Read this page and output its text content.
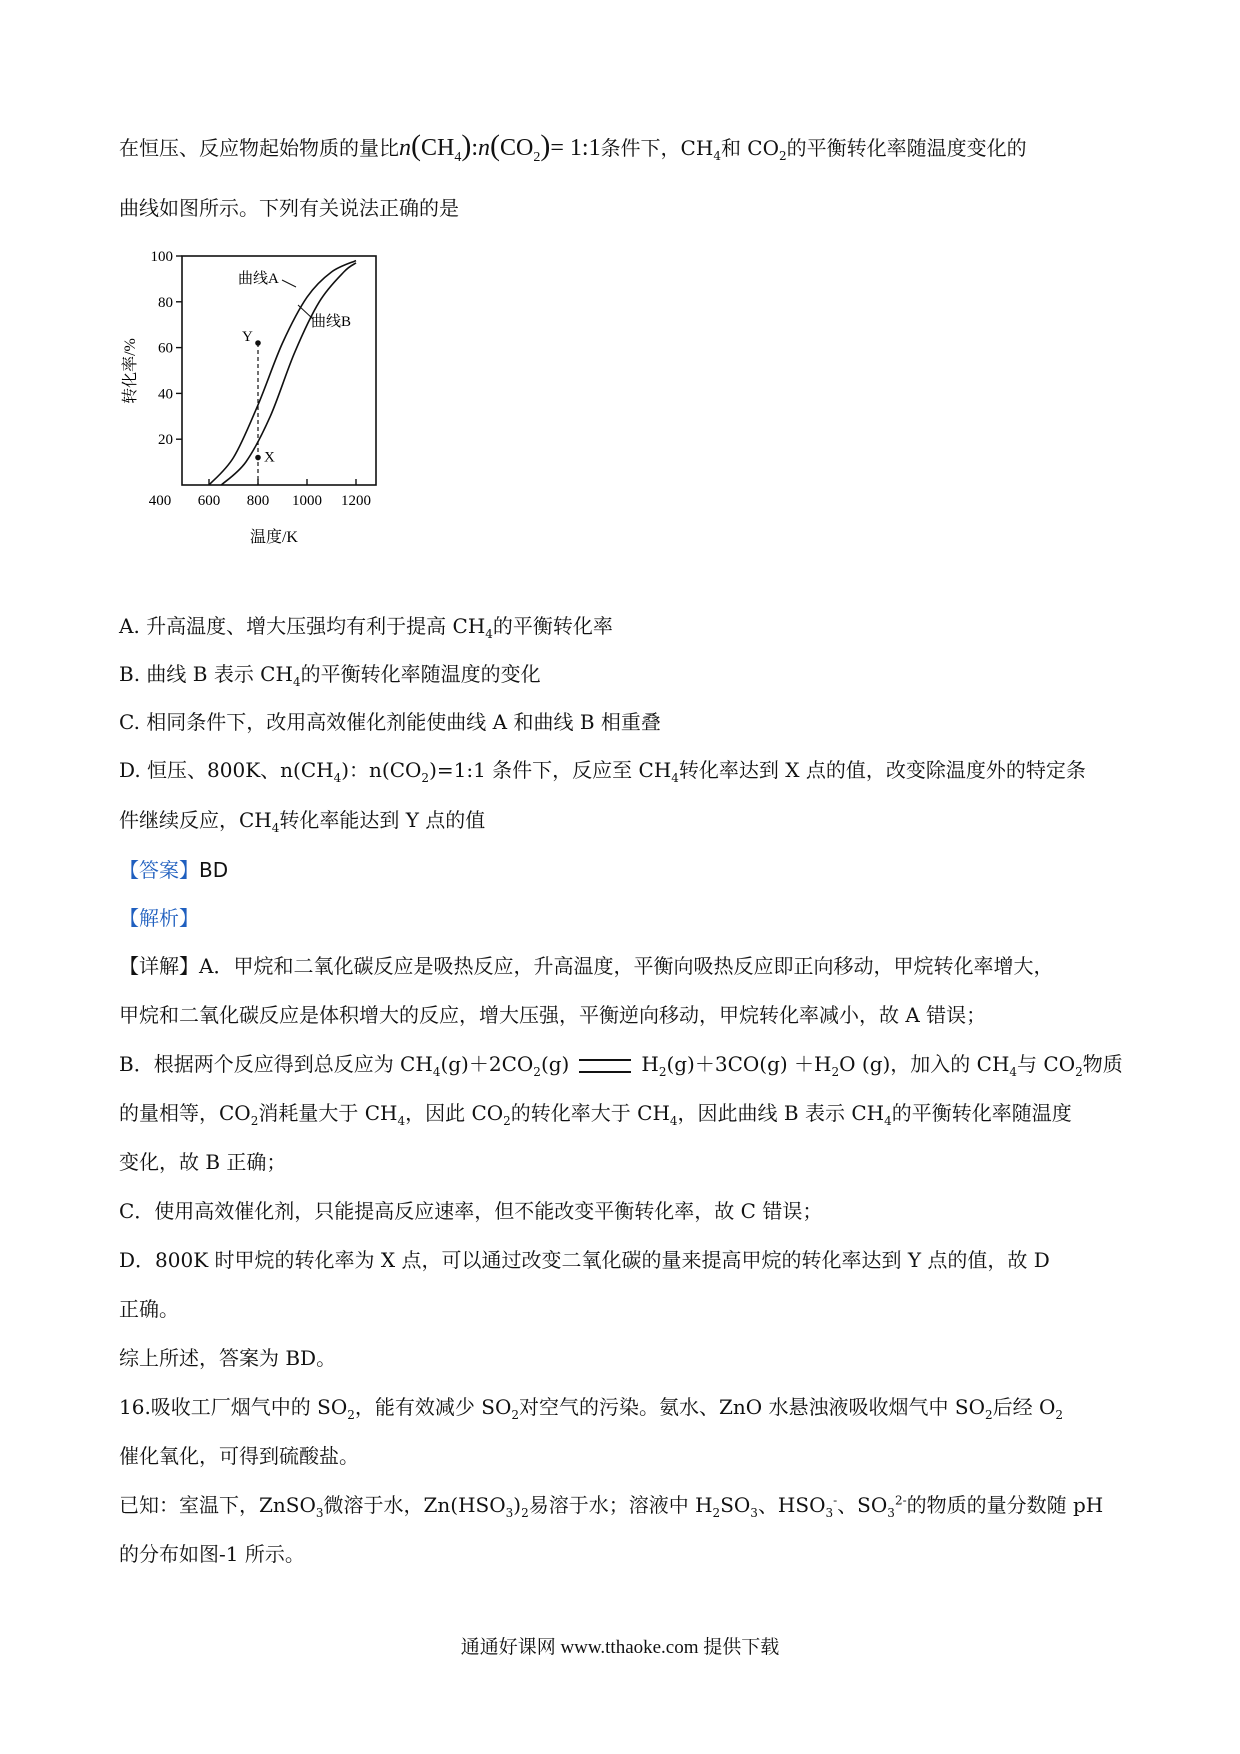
在恒压、反应物起始物质的量比$n(CH_4):n(CO_2)=$ 1:1条件下，$CH_4$和 $CO_2$的平衡转化率随温度变化的
曲线如图所示。下列有关说法正确的是
100
80
60
40
20
400 600 800 1000 1200
Y
X
曲线A
曲线B
转化率/%
温度/K
A. 升高温度、增大压强均有利于提高 $CH_4$的平衡转化率
B. 曲线 B 表示 $CH_4$的平衡转化率随温度的变化
C. 相同条件下，改用高效催化剂能使曲线 A 和曲线 B 相重叠
D. 恒压、800K、$n(CH_4)$：$n(CO_2)=1:1$ 条件下，反应至 $CH_4$转化率达到 X 点的值，改变除温度外的特定条
件继续反应，$CH_4$转化率能达到 Y 点的值
【答案】BD
【解析】
【详解】A．甲烷和二氧化碳反应是吸热反应，升高温度，平衡向吸热反应即正向移动，甲烷转化率增大，
甲烷和二氧化碳反应是体积增大的反应，增大压强，平衡逆向移动，甲烷转化率减小，故 A 错误；
B．根据两个反应得到总反应为 $CH_4(g)+2CO_2(g)$	$H_2(g)+3CO(g) +H_2O$ (g)，加入的 $CH_4$与 $CO_2$物质
的量相等，$CO_2$消耗量大于 $CH_4$，因此 $CO_2$的转化率大于 $CH_4$，因此曲线 B 表示 $CH_4$的平衡转化率随温度
变化，故 B 正确；
C．使用高效催化剂，只能提高反应速率，但不能改变平衡转化率，故 C 错误；
D．800K 时甲烷的转化率为 X 点，可以通过改变二氧化碳的量来提高甲烷的转化率达到 Y 点的值，故 D
正确。
综上所述，答案为 BD。
16.吸收工厂烟气中的 $SO_2$，能有效减少 $SO_2$对空气的污染。氨水、ZnO 水悬浊液吸收烟气中 $SO_2$后经 $O_2$
催化氧化，可得到硫酸盐。
已知：室温下，ZnSO$_3$微溶于水，$Zn(HSO_3)_2$易溶于水；溶液中 $H_2SO_3$、$HSO_3^-$、$SO_3^{2-}$的物质的量分数随 pH
的分布如图-1 所示。
通通好课网 www.tthaoke.com 提供下载
